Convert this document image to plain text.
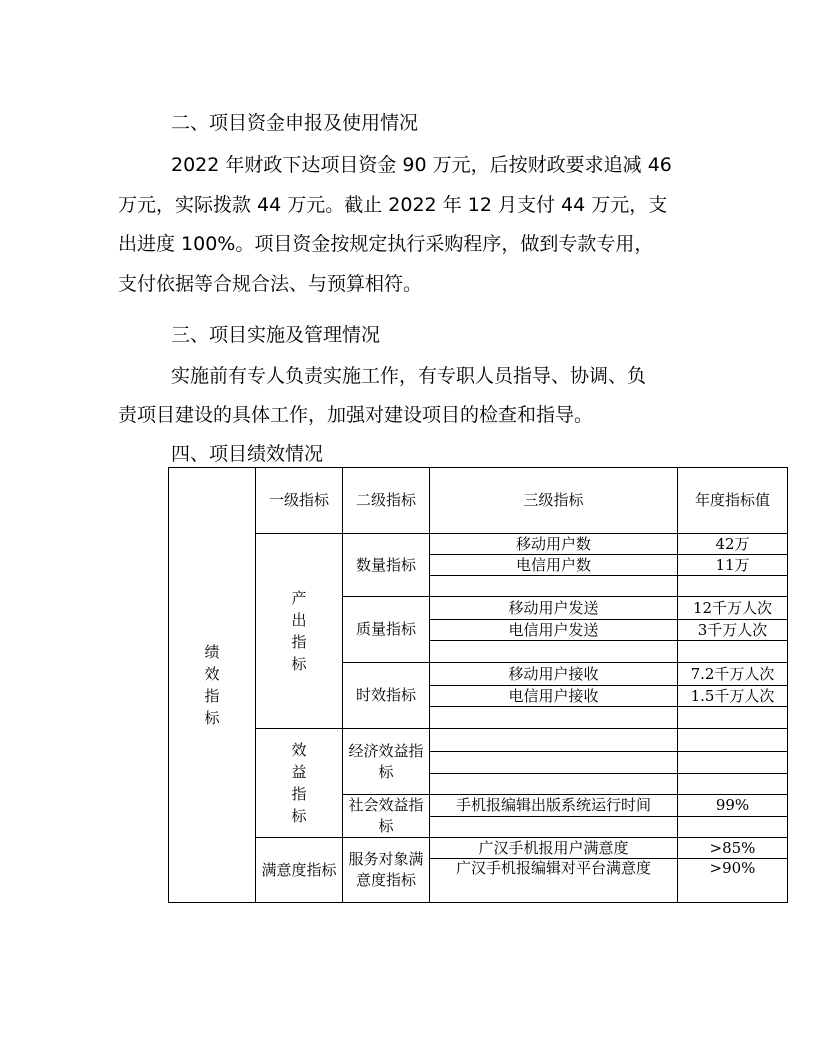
二、项目资金申报及使用情况
2022 年财政下达项目资金 90 万元，后按财政要求追减 46
万元，实际拨款 44 万元。截止 2022 年 12 月支付 44 万元，支
出进度 100%。项目资金按规定执行采购程序，做到专款专用，
支付依据等合规合法、与预算相符。
三、项目实施及管理情况
实施前有专人负责实施工作，有专职人员指导、协调、负
责项目建设的具体工作，加强对建设项目的检查和指导。
四、项目绩效情况
绩效指标	一级指标	二级指标	三级指标	年度指标值
	产出指标	数量指标	移动用户数	42万
			电信用户数	11万

		质量指标	移动用户发送	12千万人次
			电信用户发送	3千万人次

		时效指标	移动用户接收	7.2千万人次
			电信用户接收	1.5千万人次

	效益指标	经济效益指标		

		社会效益指标	手机报编辑出版系统运行时间	99%

	满意度指标	服务对象满意度指标	广汉手机报用户满意度	>85%
			广汉手机报编辑对平台满意度	>90%
